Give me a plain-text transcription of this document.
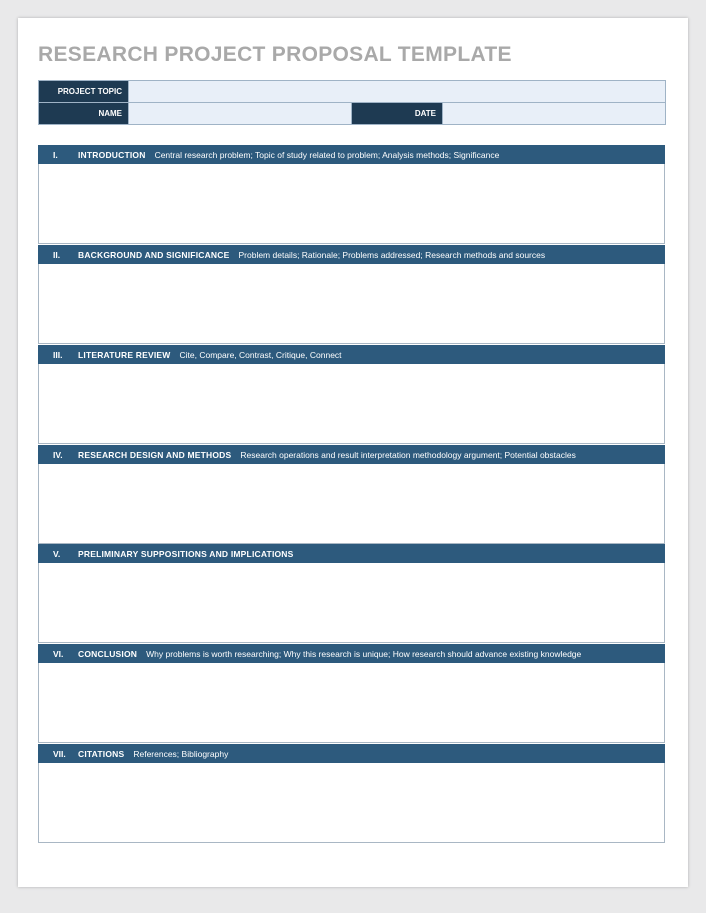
RESEARCH PROJECT PROPOSAL TEMPLATE
PROJECT TOPIC			
NAME		DATE	
I.	INTRODUCTION Central research problem; Topic of study related to problem; Analysis methods; Significance
II.	BACKGROUND AND SIGNIFICANCE Problem details; Rationale; Problems addressed; Research methods and sources
III.	LITERATURE REVIEW Cite, Compare, Contrast, Critique, Connect
IV.	RESEARCH DESIGN AND METHODS Research operations and result interpretation methodology argument; Potential obstacles
V.	PRELIMINARY SUPPOSITIONS AND IMPLICATIONS
VI.	CONCLUSION Why problems is worth researching; Why this research is unique; How research should advance existing knowledge
VII.	CITATIONS References; Bibliography
